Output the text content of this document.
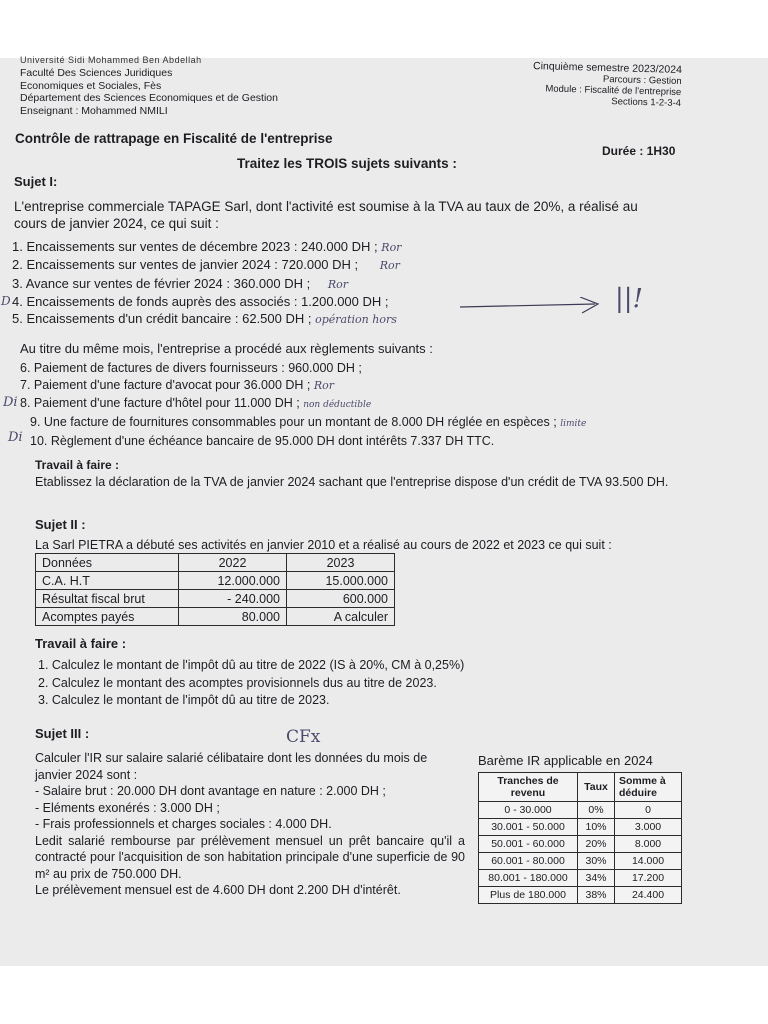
Université Sidi Mohammed Ben Abdellah
Faculté Des Sciences Juridiques
Economiques et Sociales, Fès
Département des Sciences Economiques et de Gestion
Enseignant : Mohammed NMILI
Cinquième semestre 2023/2024
Parcours : Gestion
Module : Fiscalité de l'entreprise
Sections 1-2-3-4
Contrôle de rattrapage en Fiscalité de l'entreprise
Durée : 1H30
Traitez les TROIS sujets suivants :
Sujet I:
L'entreprise commerciale TAPAGE Sarl, dont l'activité est soumise à la TVA au taux de 20%, a réalisé au cours de janvier 2024, ce qui suit :
1. Encaissements sur ventes de décembre 2023 : 240.000 DH ; Ror
2. Encaissements sur ventes de janvier 2024 : 720.000 DH ; Ror
3. Avance sur ventes de février 2024 : 360.000 DH ; Ror
4. Encaissements de fonds auprès des associés : 1.200.000 DH ;
5. Encaissements d'un crédit bancaire : 62.500 DH ; opération hors
D	||!
Au titre du même mois, l'entreprise a procédé aux règlements suivants :
6. Paiement de factures de divers fournisseurs : 960.000 DH ;
7. Paiement d'une facture d'avocat pour 36.000 DH ; Ror
8. Paiement d'une facture d'hôtel pour 11.000 DH ; non déductible
9. Une facture de fournitures consommables pour un montant de 8.000 DH réglée en espèces ; limite
10. Règlement d'une échéance bancaire de 95.000 DH dont intérêts 7.337 DH TTC.
Di
Di
Travail à faire :
Etablissez la déclaration de la TVA de janvier 2024 sachant que l'entreprise dispose d'un crédit de TVA 93.500 DH.
Sujet II :
La Sarl PIETRA a débuté ses activités en janvier 2010 et a réalisé au cours de 2022 et 2023 ce qui suit :
Données	2022	2023
C.A. H.T	12.000.000	15.000.000
Résultat fiscal brut	- 240.000	600.000
Acomptes payés	80.000	A calculer
Travail à faire :
1. Calculez le montant de l'impôt dû au titre de 2022 (IS à 20%, CM à 0,25%)
2. Calculez le montant des acomptes provisionnels dus au titre de 2023.
3. Calculez le montant de l'impôt dû au titre de 2023.
Sujet III :	CFx
Calculer l'IR sur salaire salarié célibataire dont les données du mois de janvier 2024 sont :
- Salaire brut : 20.000 DH dont avantage en nature : 2.000 DH ;
- Eléments exonérés : 3.000 DH ;
- Frais professionnels et charges sociales : 4.000 DH.
Ledit salarié rembourse par prélèvement mensuel un prêt bancaire qu'il a contracté pour l'acquisition de son habitation principale d'une superficie de 90 m² au prix de 750.000 DH.
Le prélèvement mensuel est de 4.600 DH dont 2.200 DH d'intérêt.
Barème IR applicable en 2024
Tranches de revenu	Taux	Somme à déduire
0 - 30.000	0%	0
30.001 - 50.000	10%	3.000
50.001 - 60.000	20%	8.000
60.001 - 80.000	30%	14.000
80.001 - 180.000	34%	17.200
Plus de 180.000	38%	24.400
